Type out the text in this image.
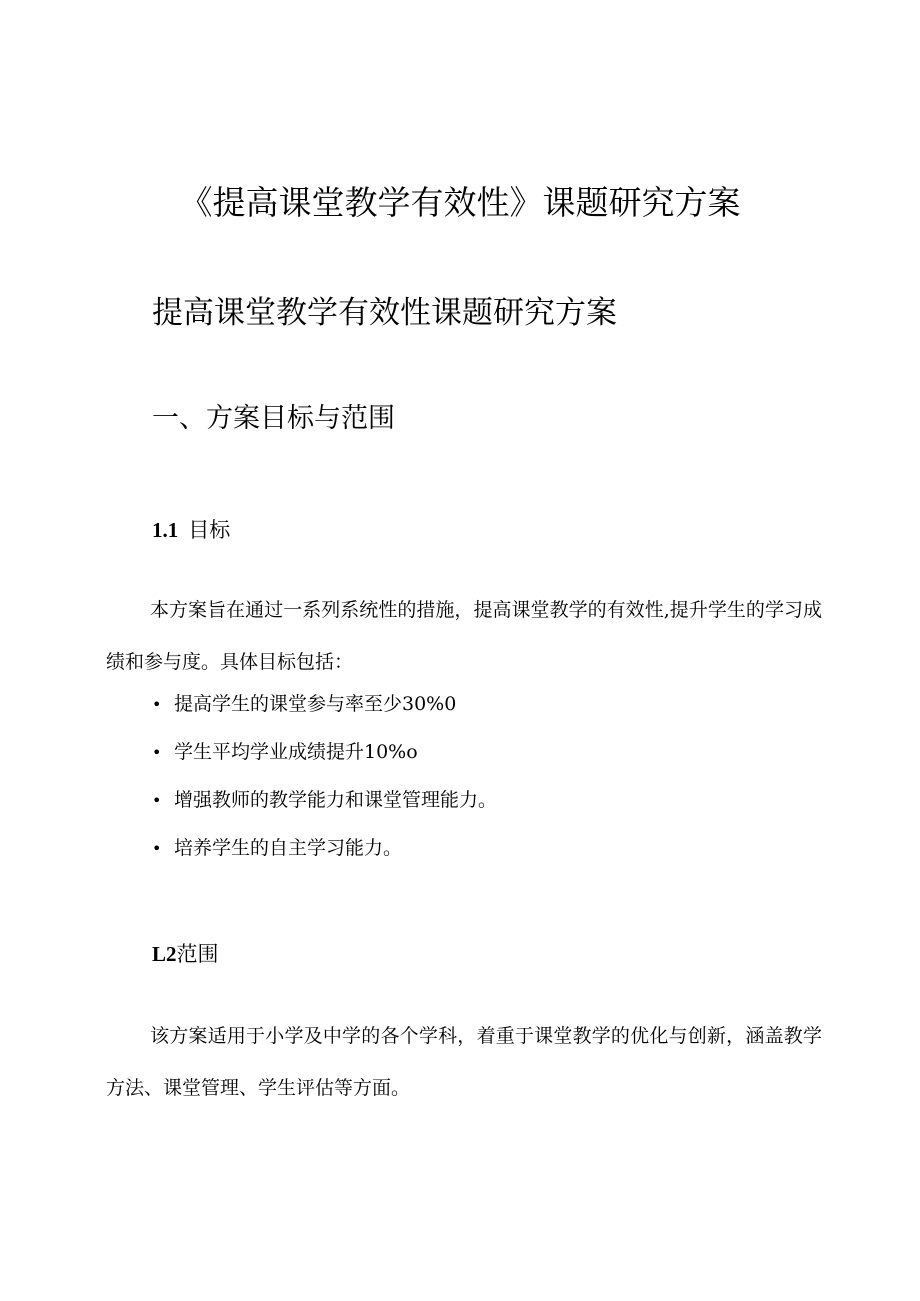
《提高课堂教学有效性》课题研究方案
提高课堂教学有效性课题研究方案
一、方案目标与范围
1.1 目标

本方案旨在通过一系列系统性的措施，提高课堂教学的有效性,提升学生的学习成绩和参与度。具体目标包括：

• 提高学生的课堂参与率至少30%0
• 学生平均学业成绩提升10%o
• 增强教师的教学能力和课堂管理能力。
• 培养学生的自主学习能力。
L2范围

该方案适用于小学及中学的各个学科，着重于课堂教学的优化与创新，涵盖教学方法、课堂管理、学生评估等方面。
